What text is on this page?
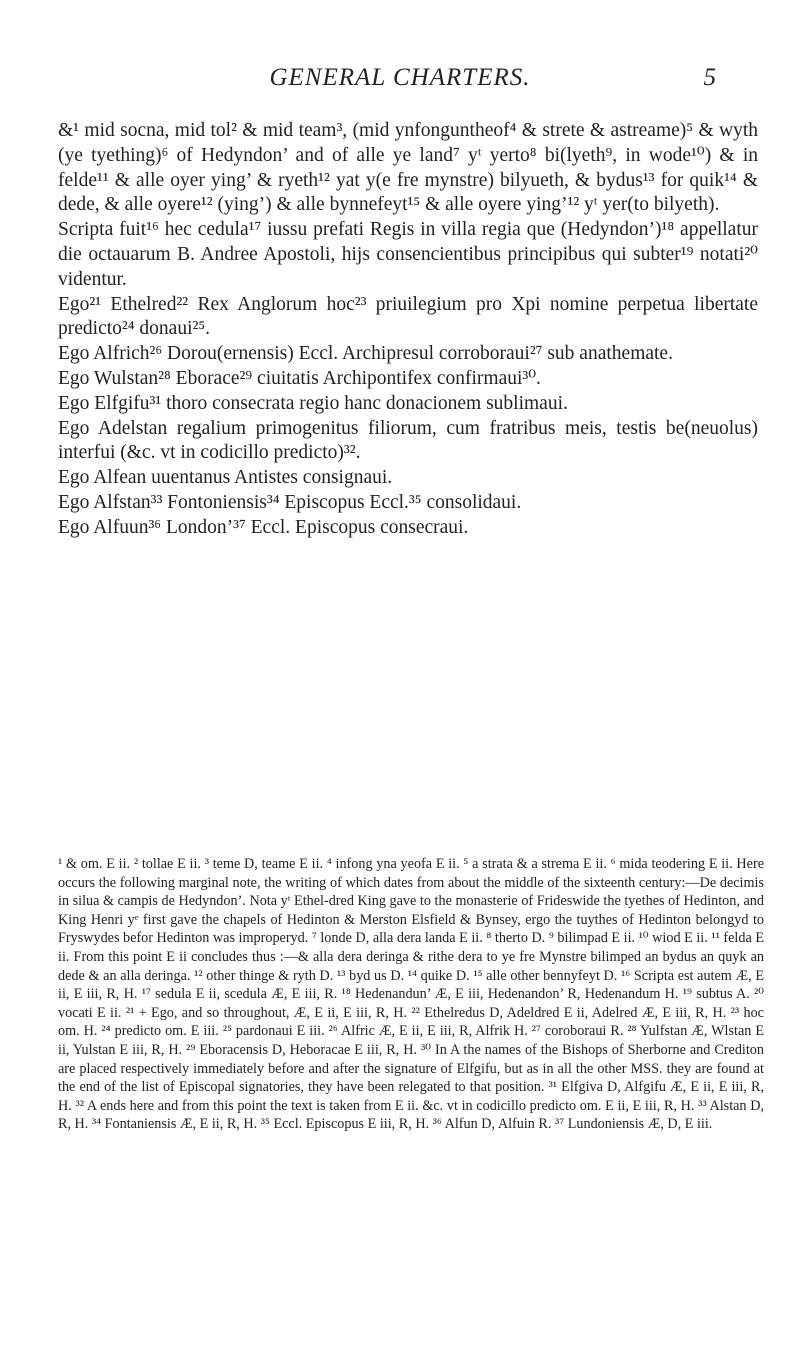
GENERAL CHARTERS.	5

&¹ mid socna, mid tol² & mid team³, (mid ynfonguntheof⁴ & strete & astreame)⁵ & wyth (ye tyething)⁶ of Hedyndon’ and of alle ye land⁷ yᵗ yerto⁸ bi(lyeth⁹, in wode¹⁰) & in felde¹¹ & alle oyer ying’ & ryeth¹² yat y(e fre mynstre) bilyueth, & bydus¹³ for quik¹⁴ & dede, & alle oyere¹² (ying’) & alle bynnefeyt¹⁵ & alle oyere ying’¹² yᵗ yer(to bilyeth).

Scripta fuit¹⁶ hec cedula¹⁷ iussu prefati Regis in villa regia que (Hedyndon’)¹⁸ appellatur die octauarum B. Andree Apostoli, hijs consencientibus principibus qui subter¹⁹ notati²⁰ videntur.

Ego²¹ Ethelred²² Rex Anglorum hoc²³ priuilegium pro Xpi nomine perpetua libertate predicto²⁴ donaui²⁵.

Ego Alfrich²⁶ Dorou(ernensis) Eccl. Archipresul corroboraui²⁷ sub anathemate.

Ego Wulstan²⁸ Eborace²⁹ ciuitatis Archipontifex confirmaui³⁰.

Ego Elfgifu³¹ thoro consecrata regio hanc donacionem sublimaui.

Ego Adelstan regalium primogenitus filiorum, cum fratribus meis, testis be(neuolus) interfui (&c. vt in codicillo predicto)³².

Ego Alfean uuentanus Antistes consignaui.

Ego Alfstan³³ Fontoniensis³⁴ Episcopus Eccl.³⁵ consolidaui.

Ego Alfuun³⁶ London’³⁷ Eccl. Episcopus consecraui.

¹ & om. E ii. ² tollae E ii. ³ teme D, teame E ii. ⁴ infong yna yeofa E ii. ⁵ a strata & a strema E ii. ⁶ mida teodering E ii. Here occurs the following marginal note, the writing of which dates from about the middle of the sixteenth century:—De decimis in silua & campis de Hedyndon’. Nota yᵗ Ethel-dred King gave to the monasterie of Frideswide the tyethes of Hedinton, and King Henri yᵉ first gave the chapels of Hedinton & Merston Elsfield & Bynsey, ergo the tuythes of Hedinton belongyd to Fryswydes befor Hedinton was improperyd. ⁷ londe D, alla dera landa E ii. ⁸ therto D. ⁹ bilimpad E ii. ¹⁰ wiod E ii. ¹¹ felda E ii. From this point E ii concludes thus :—& alla dera deringa & rithe dera to ye fre Mynstre bilimped an bydus an quyk an dede & an alla deringa. ¹² other thinge & ryth D. ¹³ byd us D. ¹⁴ quike D. ¹⁵ alle other bennyfeyt D. ¹⁶ Scripta est autem Æ, E ii, E iii, R, H. ¹⁷ sedula E ii, scedula Æ, E iii, R. ¹⁸ Hedenandun’ Æ, E iii, Hedenandon’ R, Hedenandum H. ¹⁹ subtus A. ²⁰ vocati E ii. ²¹ + Ego, and so throughout, Æ, E ii, E iii, R, H. ²² Ethelredus D, Adeldred E ii, Adelred Æ, E iii, R, H. ²³ hoc om. H. ²⁴ predicto om. E iii. ²⁵ pardonaui E iii. ²⁶ Alfric Æ, E ii, E iii, R, Alfrik H. ²⁷ coroboraui R. ²⁸ Yulfstan Æ, Wlstan E ii, Yulstan E iii, R, H. ²⁹ Eboracensis D, Heboracae E iii, R, H. ³⁰ In A the names of the Bishops of Sherborne and Crediton are placed respectively immediately before and after the signature of Elfgifu, but as in all the other MSS. they are found at the end of the list of Episcopal signatories, they have been relegated to that position. ³¹ Elfgiva D, Alfgifu Æ, E ii, E iii, R, H. ³² A ends here and from this point the text is taken from E ii. &c. vt in codicillo predicto om. E ii, E iii, R, H. ³³ Alstan D, R, H. ³⁴ Fontaniensis Æ, E ii, R, H. ³⁵ Eccl. Episcopus E iii, R, H. ³⁶ Alfun D, Alfuin R. ³⁷ Lundoniensis Æ, D, E iii.
